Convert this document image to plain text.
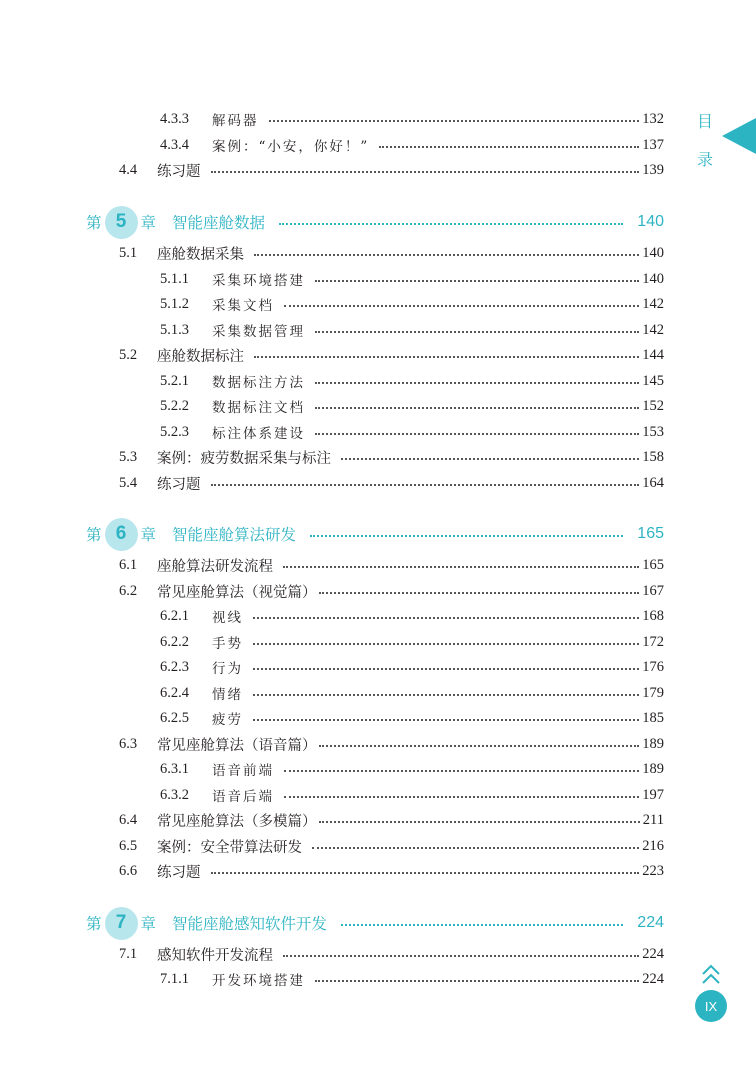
目
录
4.3.3	解码器	132
4.3.4	案例：“小安，你好！”	137
4.4	练习题	139
第 5 章 智能座舱数据	140
5.1	座舱数据采集	140
5.1.1	采集环境搭建	140
5.1.2	采集文档	142
5.1.3	采集数据管理	142
5.2	座舱数据标注	144
5.2.1	数据标注方法	145
5.2.2	数据标注文档	152
5.2.3	标注体系建设	153
5.3	案例：疲劳数据采集与标注	158
5.4	练习题	164
第 6 章 智能座舱算法研发	165
6.1	座舱算法研发流程	165
6.2	常见座舱算法（视觉篇）	167
6.2.1	视线	168
6.2.2	手势	172
6.2.3	行为	176
6.2.4	情绪	179
6.2.5	疲劳	185
6.3	常见座舱算法（语音篇）	189
6.3.1	语音前端	189
6.3.2	语音后端	197
6.4	常见座舱算法（多模篇）	211
6.5	案例：安全带算法研发	216
6.6	练习题	223
第 7 章 智能座舱感知软件开发	224
7.1	感知软件开发流程	224
7.1.1	开发环境搭建	224
IX
